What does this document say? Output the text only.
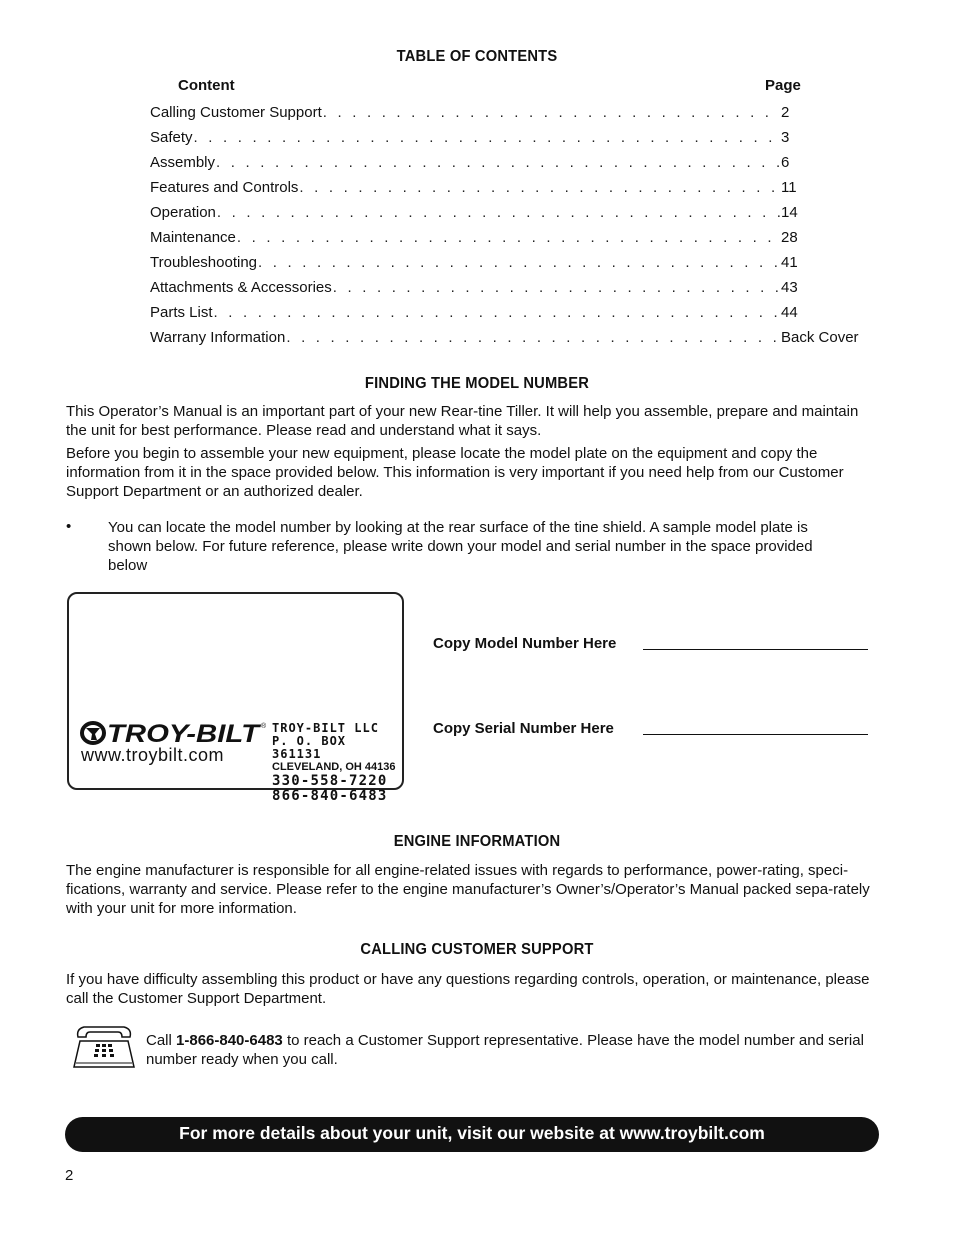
TABLE OF CONTENTS
Content	Page
Calling Customer Support . . .	2
Safety . . .	3
Assembly . . .	6
Features and Controls . . .	11
Operation . . .	14
Maintenance . . .	28
Troubleshooting . . .	41
Attachments & Accessories . . .	43
Parts List . . .	44
Warrany Information . . .	Back Cover
FINDING THE MODEL NUMBER

This Operator’s Manual is an important part of your new Rear-tine Tiller. It will help you assemble, prepare and maintain the unit for best performance. Please read and understand what it says.

Before you begin to assemble your new equipment, please locate the model plate on the equipment and copy the information from it in the space provided below. This information is very important if you need help from our Customer Support Department or an authorized dealer.

• You can locate the model number by looking at the rear surface of the tine shield. A sample model plate is shown below. For future reference, please write down your model and serial number in the space provided below

TROY-BILT
®
www.troybilt.com
TROY-BILT LLC
P. O. BOX 361131
CLEVELAND, OH 44136
330-558-7220
866-840-6483
Copy Model Number Here
Copy Serial Number Here
ENGINE INFORMATION

The engine manufacturer is responsible for all engine-related issues with regards to performance, power-rating, speci-fications, warranty and service. Please refer to the engine manufacturer’s Owner’s/Operator’s Manual packed sepa-rately with your unit for more information.

CALLING CUSTOMER SUPPORT

If you have difficulty assembling this product or have any questions regarding controls, operation, or maintenance, please call the Customer Support Department.

Call 1-866-840-6483 to reach a Customer Support representative. Please have the model number and serial number ready when you call.

For more details about your unit, visit our website at www.troybilt.com
2
